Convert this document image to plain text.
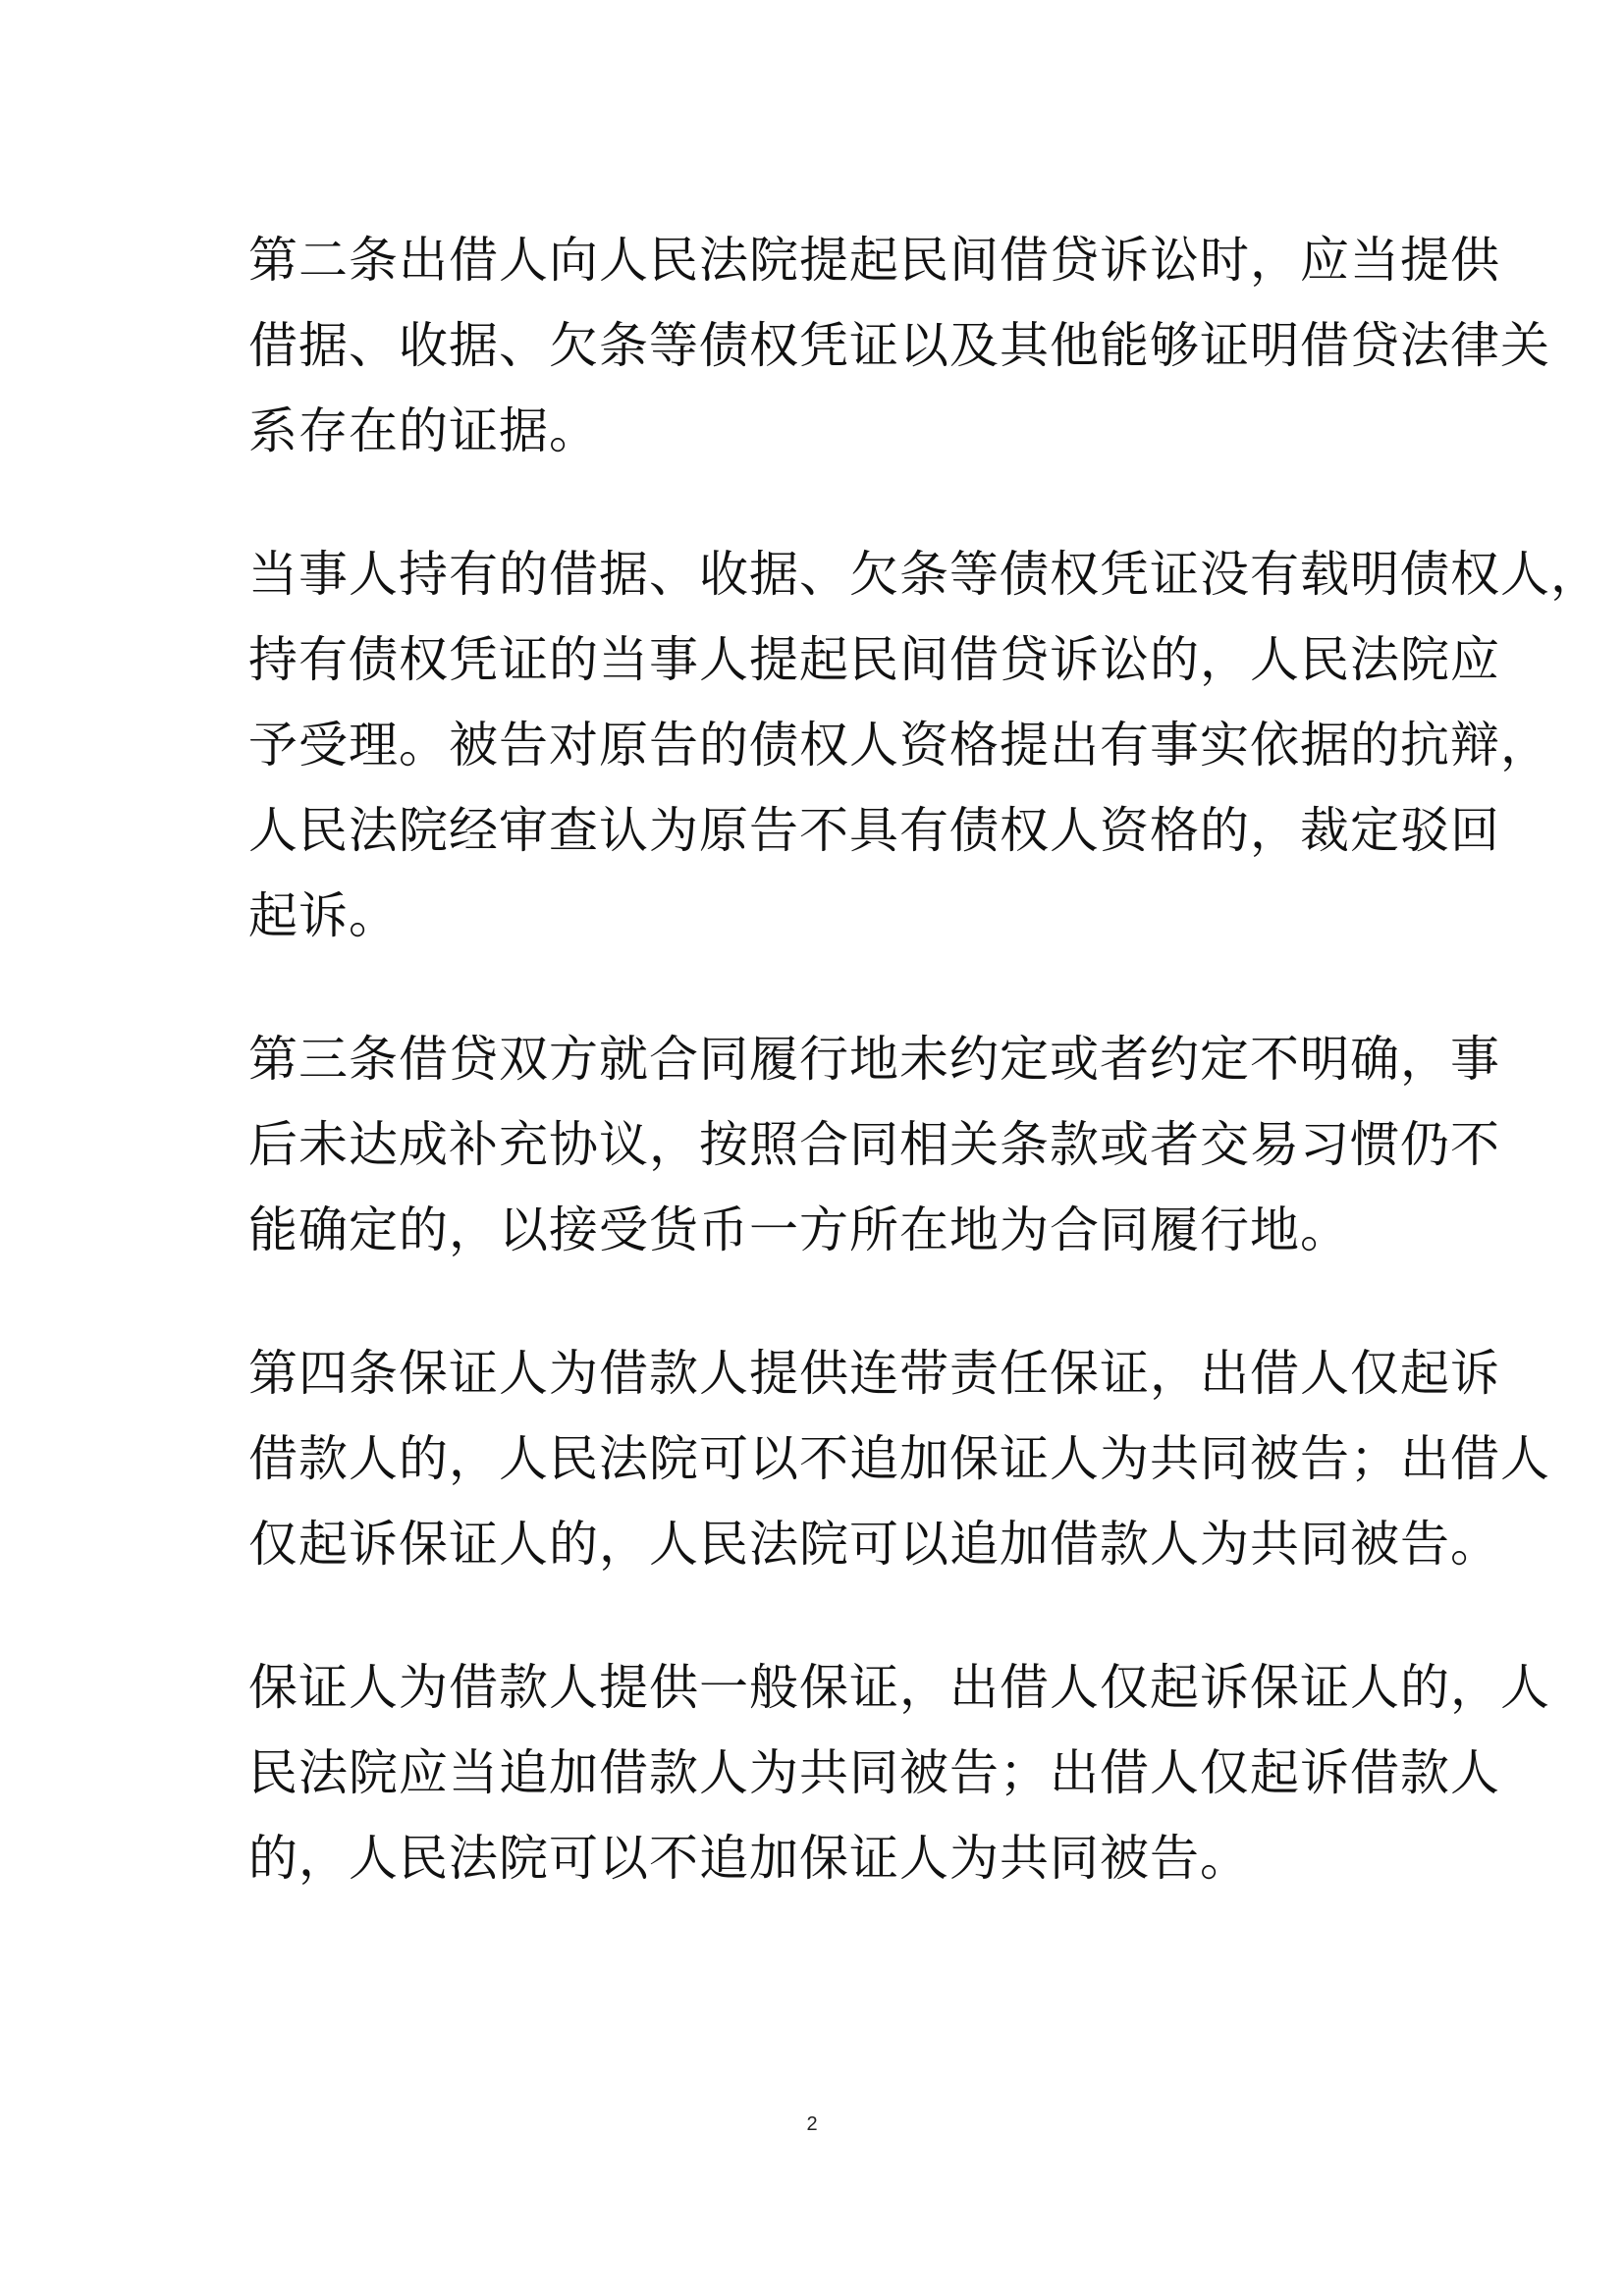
第二条出借人向人民法院提起民间借贷诉讼时，应当提供
借据、收据、欠条等债权凭证以及其他能够证明借贷法律关
系存在的证据。

当事人持有的借据、收据、欠条等债权凭证没有载明债权人，
持有债权凭证的当事人提起民间借贷诉讼的，人民法院应
予受理。被告对原告的债权人资格提出有事实依据的抗辩，
人民法院经审查认为原告不具有债权人资格的，裁定驳回
起诉。

第三条借贷双方就合同履行地未约定或者约定不明确，事
后未达成补充协议，按照合同相关条款或者交易习惯仍不
能确定的，以接受货币一方所在地为合同履行地。

第四条保证人为借款人提供连带责任保证，出借人仅起诉
借款人的，人民法院可以不追加保证人为共同被告；出借人
仅起诉保证人的，人民法院可以追加借款人为共同被告。

保证人为借款人提供一般保证，出借人仅起诉保证人的，人
民法院应当追加借款人为共同被告；出借人仅起诉借款人
的，人民法院可以不追加保证人为共同被告。

2
